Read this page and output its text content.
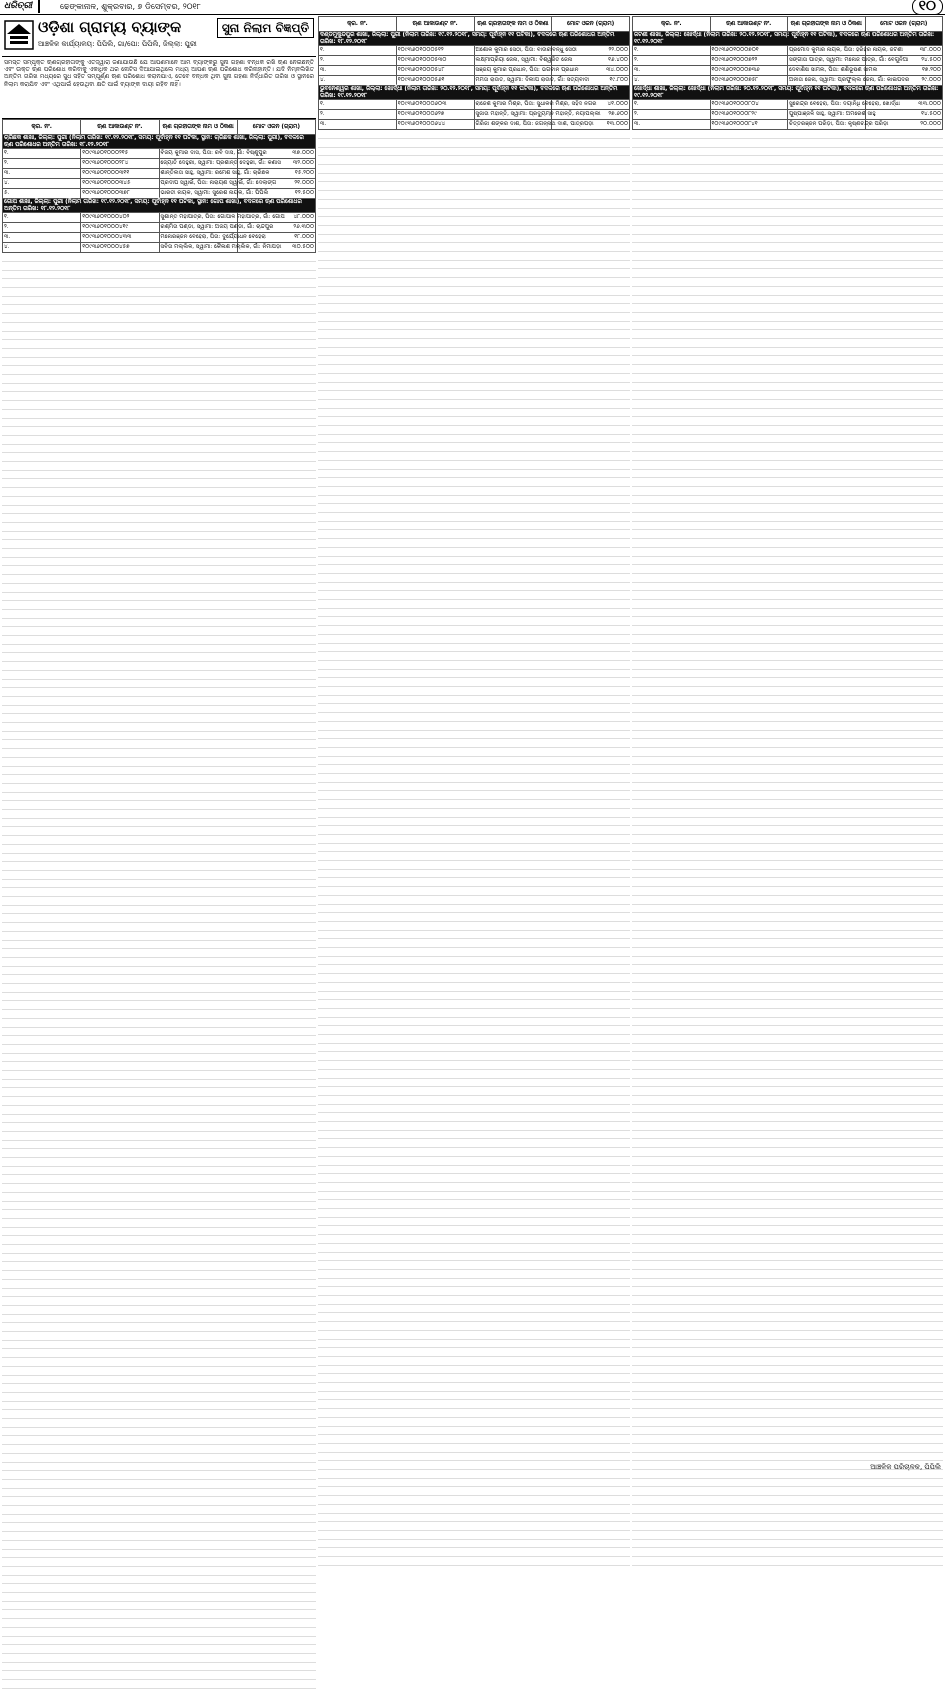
ଧରିତ୍ରୀ	ଢେଙ୍କାନାଳ, ଶୁକ୍ରବାର, ୭ ଡିସେମ୍ବର, ୨୦୧୮	୧୦
ଓଡ଼ିଶା ଗ୍ରାମ୍ୟ ବ୍ୟାଙ୍କ	ସୁନା ନିଲାମ ବିଜ୍ଞପ୍ତି
ଆଞ୍ଚଳିକ କାର୍ଯ୍ୟାଳୟ: ପିପିଲି, ଗା/ପୋ: ପିପିଲି, ଜିଲ୍ଲା: ପୁରୀ
ସମସ୍ତ ସମ୍ପୃକ୍ତ ଋଣଗ୍ରହୀତାଙ୍କୁ ଏତଦ୍ଦ୍ୱାରା ଜଣାଯାଉଛି ଯେ ଆପଣମାନେ ଆମ ବ୍ୟାଙ୍କରୁ ସୁନା ଗହଣା ବନ୍ଧକ ରଖି ଋଣ ନେଇଛନ୍ତି ଏବଂ ଉକ୍ତ ଋଣ ପରିଶୋଧ କରିବାକୁ ଏକାଧିକ ଥର ନୋଟିସ ଦିଆଯାଇଥିଲେ ମଧ୍ୟ ଆପଣ ଋଣ ପରିଶୋଧ କରିନାହାନ୍ତି। ଯଦି ନିମ୍ନଲିଖିତ ଅନ୍ତିମ ତାରିଖ ମଧ୍ୟରେ ସୁଧ ସହିତ ସମ୍ପୂର୍ଣ୍ଣ ଋଣ ପରିଶୋଧ କରାନଯାଏ, ତେବେ ବନ୍ଧକ ଥିବା ସୁନା ଗହଣା ନିର୍ଦ୍ଧାରିତ ତାରିଖ ଓ ସ୍ଥାନରେ ନିଲାମ କରାଯିବ ଏବଂ ଏଥିପାଇଁ ହେଉଥିବା କ୍ଷତି ପାଇଁ ବ୍ୟାଙ୍କ ଦାୟୀ ରହିବ ନାହିଁ।
କ୍ର. ନଂ.	ଋଣ ଆକାଉଣ୍ଟ ନଂ.	ଋଣ ଗ୍ରହୀତାଙ୍କ ନାମ ଓ ଠିକଣା	ମୋଟ ଓଜନ (ଗ୍ରାମ)
ଚାରିଛକ ଶାଖା, ଜିଲ୍ଲା: ପୁରୀ (ନିଲାମ ତାରିଖ: ୧୯.୧୨.୨୦୧୮, ସମୟ: ପୂର୍ବାହ୍ନ ୧୧ ଘଟିକା, ସ୍ଥାନ: ଚାରିଛକ ଶାଖା, ଜିଲ୍ଲା: ପୁରୀ), ବଦଳରେ ଋଣ ପରିଶୋଧର ଅନ୍ତିମ ତାରିଖ: ୧୮.୧୨.୨୦୧୮			
୧.	୧୦୯୩୬୦୧୦୦୦୨୧୫	ବିଜୟ କୁମାର ଦାସ, ପିତା: ରବି ଦାସ, ଗାଁ: ବିଷ୍ଣୁପୁର	୩୭.୦୦୦
୨.	୧୦୯୩୬୦୧୦୦୦୨୮୪	ଜ୍ୟୋତି ଦେହୁରୀ, ସ୍ୱାମୀ: ପ୍ରଶାନ୍ତ ଦେହୁରୀ, ଗାଁ: କଣାସ	୩୨.୦୦୦
୩.	୧୦୯୩୬୦୧୦୦୦୩୧୧	ଶାନ୍ତିଲତା ସାହୁ, ସ୍ୱାମୀ: ରମେଶ ସାହୁ, ଗାଁ: ଚାରିଛକ	୧୫.୨୦୦
୪.	୧୦୯୩୬୦୧୦୦୦୩୪୫	ପ୍ରଦୀପ ସ୍ୱାଇଁ, ପିତା: ନାରାୟଣ ସ୍ୱାଇଁ, ଗାଁ: ଦେଲାଙ୍ଗ	୨୧.୦୦୦
୫.	୧୦୯୩୬୦୧୦୦୦୩୭୮	ଭାରତୀ ନାୟକ, ସ୍ୱାମୀ: ସୁରେଶ ନାୟକ, ଗାଁ: ପିପିଲି	୧୨.୫୦୦
ଗୋପ ଶାଖା, ଜିଲ୍ଲା: ପୁରୀ (ନିଲାମ ତାରିଖ: ୧୯.୧୨.୨୦୧୮, ସମୟ: ପୂର୍ବାହ୍ନ ୧୧ ଘଟିକା, ସ୍ଥାନ: ଗୋପ ଶାଖା), ବଦଳରେ ଋଣ ପରିଶୋଧର ଅନ୍ତିମ ତାରିଖ: ୧୮.୧୨.୨୦୧୮			
୧.	୧୦୯୩୬୦୧୦୦୦୪୦୨	ସୁଶାନ୍ତ ମହାପାତ୍ର, ପିତା: ଗୋପାଳ ମହାପାତ୍ର, ଗାଁ: ଗୋପ	୪୮.୦୦୦
୨.	୧୦୯୩୬୦୧୦୦୦୪୧୯	ରଶ୍ମିତା ପଣ୍ଡା, ସ୍ୱାମୀ: ଅଜୟ ପଣ୍ଡା, ଗାଁ: ଚାନ୍ଦପୁର	୨୬.୩୦୦
୩.	୧୦୯୩୬୦୧୦୦୦୪୩୩	ମନୋରଞ୍ଜନ ବେହେରା, ପିତା: ଦୁର୍ଯ୍ୟୋଧନ ବେହେରା	୧୮.୦୦୦
୪.	୧୦୯୩୬୦୧୦୦୦୪୫୭	ସବିତା ମଲ୍ଲିକ, ସ୍ୱାମୀ: କୈଳାଶ ମଲ୍ଲିକ, ଗାଁ: ନିମାପଡ଼ା	୩୦.୫୦୦
କ୍ର. ନଂ.	ଋଣ ଆକାଉଣ୍ଟ ନଂ.	ଋଣ ଗ୍ରହୀତାଙ୍କ ନାମ ଓ ଠିକଣା	ମୋଟ ଓଜନ (ଗ୍ରାମ)
ଦଣ୍ଡମୁକୁନ୍ଦପୁର ଶାଖା, ଜିଲ୍ଲା: ପୁରୀ (ନିଲାମ ତାରିଖ: ୧୯.୧୨.୨୦୧୮, ସମୟ: ପୂର୍ବାହ୍ନ ୧୧ ଘଟିକା), ବଦଳରେ ଋଣ ପରିଶୋଧର ଅନ୍ତିମ ତାରିଖ: ୧୮.୧୨.୨୦୧୮			
୧.	୧୦୯୩୬୦୧୦୦୦୫୧୨	ଅଶୋକ କୁମାର ସେଠୀ, ପିତା: ବାଉରୀବନ୍ଧୁ ସେଠୀ	୨୨.୦୦୦
୨.	୧୦୯୩୬୦୧୦୦୦୫୩୦	ଲକ୍ଷ୍ମୀପ୍ରିୟା ଜେନା, ସ୍ୱାମୀ: ବିଶ୍ୱଜିତ ଜେନା	୧୬.୪୦୦
୩.	୧୦୯୩୬୦୧୦୦୦୫୪୮	ସଞ୍ଜୟ କୁମାର ପ୍ରଧାନ, ପିତା: ଭଗବାନ ପ୍ରଧାନ	୩୪.୦୦୦
୪.	୧୦୯୩୬୦୧୦୦୦୫୬୧	ମମତା ରାଉତ, ସ୍ୱାମୀ: ଦିଲୀପ ରାଉତ, ଗାଁ: ସତ୍ୟବାଦୀ	୧୯.୮୦୦
ଭୁବନେଶ୍ୱର ଶାଖା, ଜିଲ୍ଲା: ଖୋର୍ଦ୍ଧା (ନିଲାମ ତାରିଖ: ୨୦.୧୨.୨୦୧୮, ସମୟ: ପୂର୍ବାହ୍ନ ୧୧ ଘଟିକା), ବଦଳରେ ଋଣ ପରିଶୋଧର ଅନ୍ତିମ ତାରିଖ: ୧୯.୧୨.୨୦୧୮			
୧.	୧୦୯୩୬୦୧୦୦୦୬୦୩	ରାଜେଶ କୁମାର ମିଶ୍ର, ପିତା: ସୁଧାକର ମିଶ୍ର, ସହିଦ ନଗର	୪୧.୦୦୦
୨.	୧୦୯୩୬୦୧୦୦୦୬୨୭	ସୁଜାତା ମହାନ୍ତି, ସ୍ୱାମୀ: ପ୍ରଦ୍ୟୁମ୍ନ ମହାନ୍ତି, ନୟାପଲ୍ଲୀ	୨୭.୬୦୦
୩.	୧୦୯୩୬୦୧୦୦୦୬୪୪	ଗିରିଜା ଶଙ୍କର ଦାଶ, ପିତା: ଜଗନ୍ନାଥ ଦାଶ, ପାତ୍ରପଡ଼ା	୧୩.୦୦୦
କ୍ର. ନଂ.	ଋଣ ଆକାଉଣ୍ଟ ନଂ.	ଋଣ ଗ୍ରହୀତାଙ୍କ ନାମ ଓ ଠିକଣା	ମୋଟ ଓଜନ (ଗ୍ରାମ)
ଜଟଣୀ ଶାଖା, ଜିଲ୍ଲା: ଖୋର୍ଦ୍ଧା (ନିଲାମ ତାରିଖ: ୨୦.୧୨.୨୦୧୮, ସମୟ: ପୂର୍ବାହ୍ନ ୧୧ ଘଟିକା), ବଦଳରେ ଋଣ ପରିଶୋଧର ଅନ୍ତିମ ତାରିଖ: ୧୯.୧୨.୨୦୧୮			
୧.	୧୦୯୩୬୦୧୦୦୦୭୦୧	ପ୍ରମୋଦ କୁମାର ନାୟକ, ପିତା: ହରିହର ନାୟକ, ଜଟଣୀ	୩୮.୦୦୦
୨.	୧୦୯୩୬୦୧୦୦୦୭୨୨	ସଙ୍ଗୀତା ପାତ୍ର, ସ୍ୱାମୀ: ମନୋଜ ପାତ୍ର, ଗାଁ: ବେଗୁନିଆ	୨୪.୫୦୦
୩.	୧୦୯୩୬୦୧୦୦୦୭୩୬	ଦେବାଶିଷ ସାମଲ, ପିତା: ଶଶିଭୂଷଣ ସାମଲ	୧୭.୨୦୦
୪.	୧୦୯୩୬୦୧୦୦୦୭୫୮	ଅନୀତା ଜେନା, ସ୍ୱାମୀ: ପ୍ରଫୁଲ୍ଲ ଜେନା, ଗାଁ: କାଇପଦର	୨୯.୦୦୦
ଖୋର୍ଦ୍ଧା ଶାଖା, ଜିଲ୍ଲା: ଖୋର୍ଦ୍ଧା (ନିଲାମ ତାରିଖ: ୨୦.୧୨.୨୦୧୮, ସମୟ: ପୂର୍ବାହ୍ନ ୧୧ ଘଟିକା), ବଦଳରେ ଋଣ ପରିଶୋଧର ଅନ୍ତିମ ତାରିଖ: ୧୯.୧୨.୨୦୧୮			
୧.	୧୦୯୩୬୦୧୦୦୦୮୦୪	ସୁରେନ୍ଦ୍ର ବେହେରା, ପିତା: ଦୟାନିଧି ବେହେରା, ଖୋର୍ଦ୍ଧା	୩୩.୦୦୦
୨.	୧୦୯୩୬୦୧୦୦୦୮୨୯	ପୁଷ୍ପାଞ୍ଜଳି ସାହୁ, ସ୍ୱାମୀ: ଅମରେଶ ସାହୁ	୧୪.୫୦୦
୩.	୧୦୯୩୬୦୧୦୦୦୮୪୧	ଚିତ୍ତରଞ୍ଜନ ପରିଡ଼ା, ପିତା: କୃଷ୍ଣଚନ୍ଦ୍ର ପରିଡ଼ା	୨୦.୦୦୦
ଆଞ୍ଚଳିକ ପରିଚାଳକ, ପିପିଲି
